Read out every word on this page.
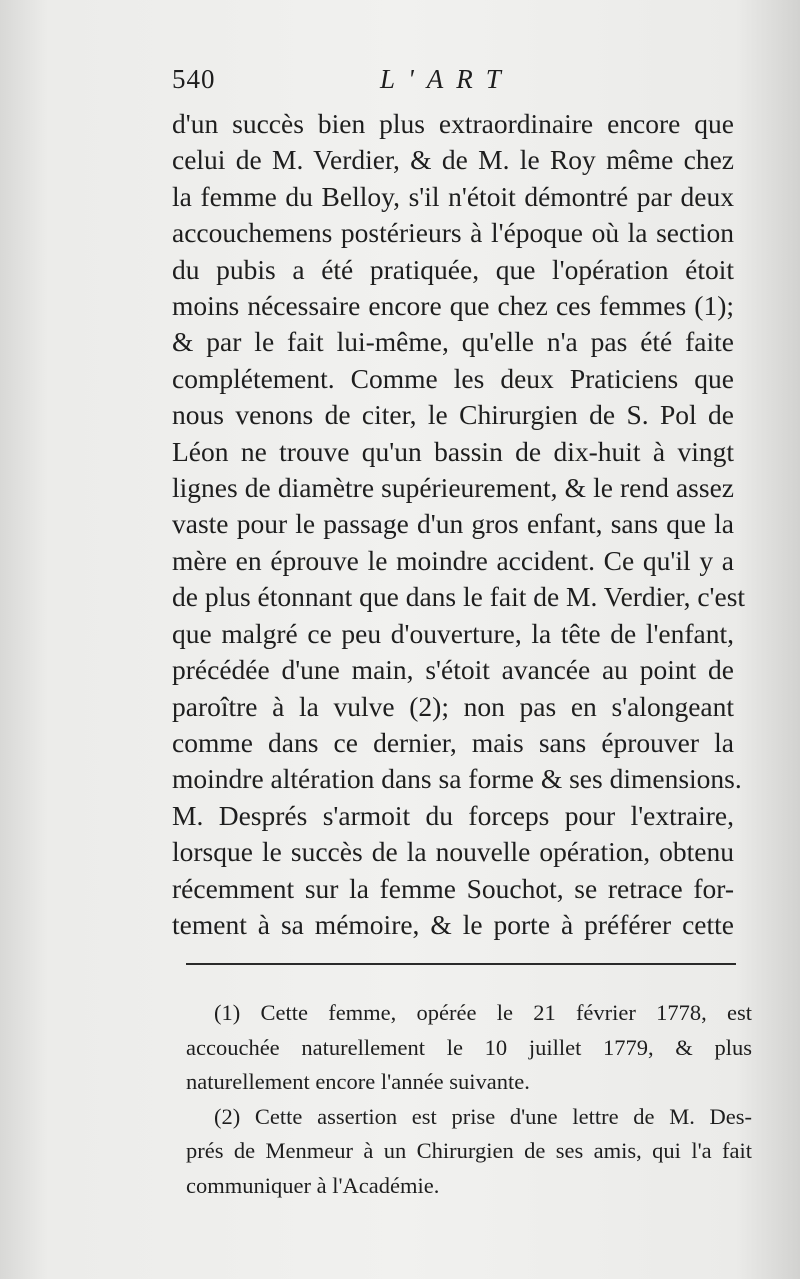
540	L'ART
d'un succès bien plus extraordinaire encore que
celui de M. Verdier, & de M. le Roy même chez
la femme du Belloy, s'il n'étoit démontré par deux
accouchemens postérieurs à l'époque où la section
du pubis a été pratiquée, que l'opération étoit
moins nécessaire encore que chez ces femmes (1);
& par le fait lui-même, qu'elle n'a pas été faite
complétement. Comme les deux Praticiens que
nous venons de citer, le Chirurgien de S. Pol de
Léon ne trouve qu'un bassin de dix-huit à vingt
lignes de diamètre supérieurement, & le rend assez
vaste pour le passage d'un gros enfant, sans que la
mère en éprouve le moindre accident. Ce qu'il y a
de plus étonnant que dans le fait de M. Verdier, c'est
que malgré ce peu d'ouverture, la tête de l'enfant,
précédée d'une main, s'étoit avancée au point de
paroître à la vulve (2); non pas en s'alongeant
comme dans ce dernier, mais sans éprouver la
moindre altération dans sa forme & ses dimensions.
M. Després s'armoit du forceps pour l'extraire,
lorsque le succès de la nouvelle opération, obtenu
récemment sur la femme Souchot, se retrace for-
tement à sa mémoire, & le porte à préférer cette
(1) Cette femme, opérée le 21 février 1778, est
accouchée naturellement le 10 juillet 1779, & plus
naturellement encore l'année suivante.
(2) Cette assertion est prise d'une lettre de M. Des-
prés de Menmeur à un Chirurgien de ses amis, qui l'a fait
communiquer à l'Académie.
